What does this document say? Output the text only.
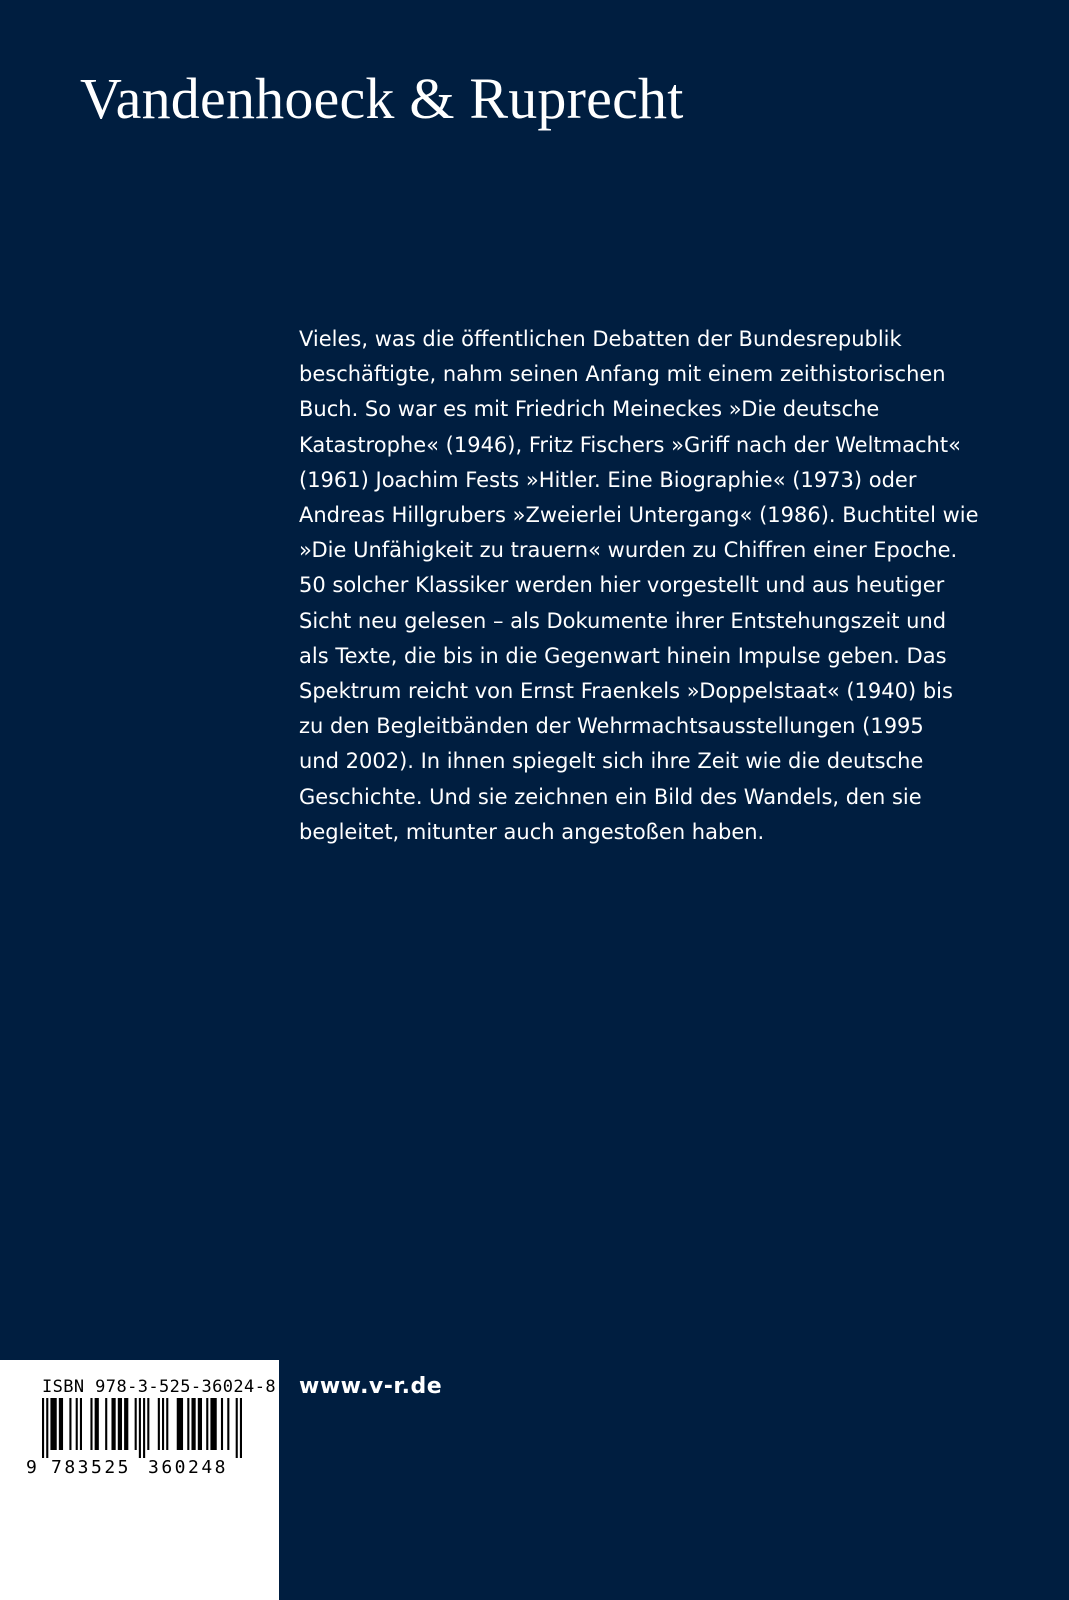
Vandenhoeck & Ruprecht
Vieles, was die öffentlichen Debatten der Bundesrepublik
beschäftigte, nahm seinen Anfang mit einem zeithistorischen
Buch. So war es mit Friedrich Meineckes »Die deutsche
Katastrophe« (1946), Fritz Fischers »Griff nach der Weltmacht«
(1961) Joachim Fests »Hitler. Eine Biographie« (1973) oder
Andreas Hillgrubers »Zweierlei Untergang« (1986). Buchtitel wie
»Die Unfähigkeit zu trauern« wurden zu Chiffren einer Epoche.
50 solcher Klassiker werden hier vorgestellt und aus heutiger
Sicht neu gelesen – als Dokumente ihrer Entstehungszeit und
als Texte, die bis in die Gegenwart hinein Impulse geben. Das
Spektrum reicht von Ernst Fraenkels »Doppelstaat« (1940) bis
zu den Begleitbänden der Wehrmachtsausstellungen (1995
und 2002). In ihnen spiegelt sich ihre Zeit wie die deutsche
Geschichte. Und sie zeichnen ein Bild des Wandels, den sie
begleitet, mitunter auch angestoßen haben.
www.v-r.de
ISBN 978-3-525-36024-8
9 783525 360248
